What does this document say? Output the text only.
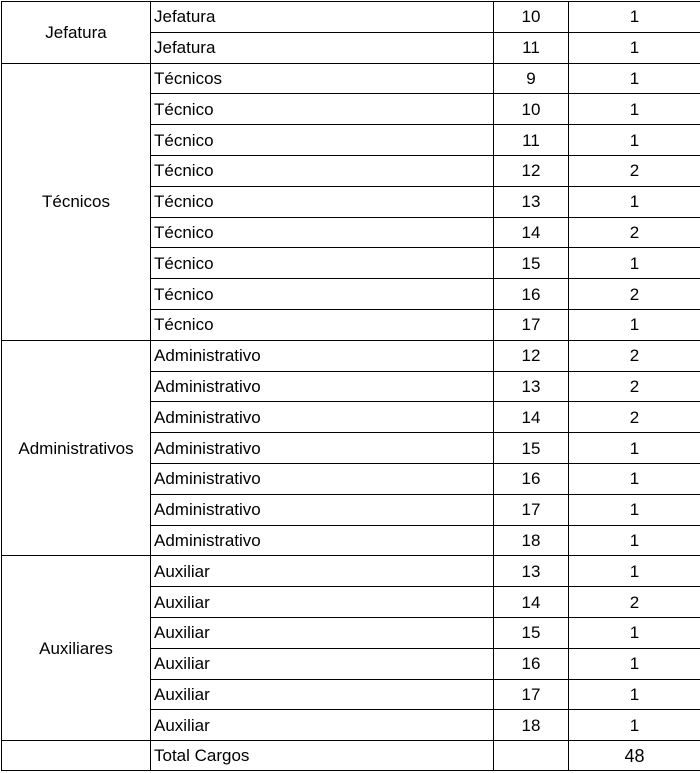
Jefatura	Jefatura	10	1
	Jefatura	11	1
Técnicos	Técnicos	9	1
	Técnico	10	1
	Técnico	11	1
	Técnico	12	2
	Técnico	13	1
	Técnico	14	2
	Técnico	15	1
	Técnico	16	2
	Técnico	17	1
Administrativos	Administrativo	12	2
	Administrativo	13	2
	Administrativo	14	2
	Administrativo	15	1
	Administrativo	16	1
	Administrativo	17	1
	Administrativo	18	1
Auxiliares	Auxiliar	13	1
	Auxiliar	14	2
	Auxiliar	15	1
	Auxiliar	16	1
	Auxiliar	17	1
	Auxiliar	18	1
	Total Cargos		48
